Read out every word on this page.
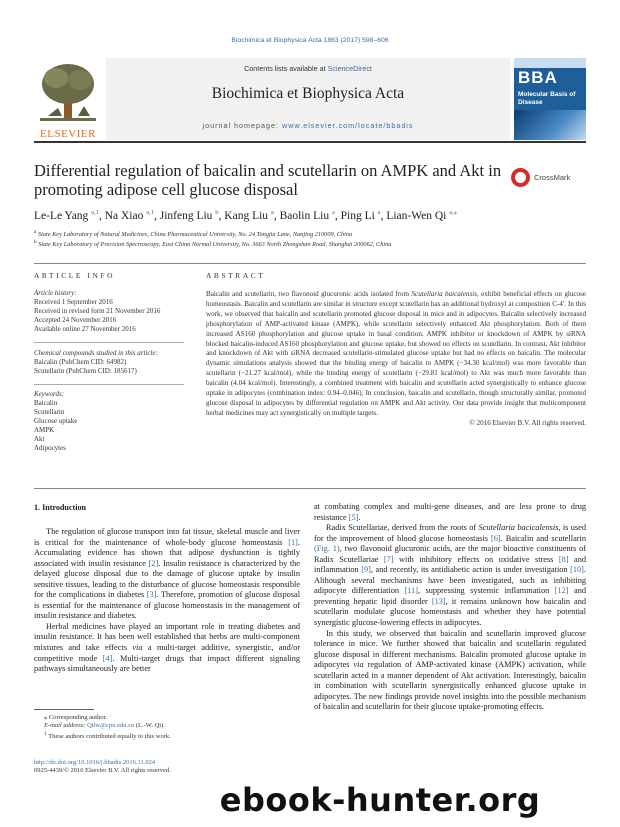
Biochimica et Biophysica Acta 1863 (2017) 598–606
ELSEVIER
Contents lists available at ScienceDirect
Biochimica et Biophysica Acta
journal homepage: www.elsevier.com/locate/bbadis
BBA
Molecular Basis of Disease
Differential regulation of baicalin and scutellarin on AMPK and Akt in promoting adipose cell glucose disposal
CrossMark
Le-Le Yang $^{a,1}$, Na Xiao $^{a,1}$, Jinfeng Liu $^b$, Kang Liu $^a$, Baolin Liu $^a$, Ping Li $^a$, Lian-Wen Qi $^{a,⁎}$
$^a$ State Key Laboratory of Natural Medicines, China Pharmaceutical University, No. 24 Tongjia Lane, Nanjing 210009, China
$^b$ State Key Laboratory of Precision Spectroscopy, East China Normal University, No. 3663 North Zhongshan Road, Shanghai 200062, China
ARTICLE INFO	ABSTRACT
Article history:
Received 1 September 2016
Received in revised form 21 November 2016
Accepted 24 November 2016
Available online 27 November 2016
Chemical compounds studied in this article:
Baicalin (PubChem CID: 64982)
Scutellarin (PubChem CID: 185617)
Keywords:
Baicalin
Scutellarin
Glucose uptake
AMPK
Akt
Adipocytes
Baicalin and scutellarin, two flavonoid glucuronic acids isolated from Scutellaria baicalensis, exhibit beneficial effects on glucose homeostasis. Baicalin and scutellarin are similar in structure except scutellarin has an additional hydroxyl at composition C-4′. In this work, we observed that baicalin and scutellarin promoted glucose disposal in mice and in adipocytes. Baicalin selectively increased phosphorylation of AMP-activated kinase (AMPK), while scutellarin selectively enhanced Akt phosphorylation. Both of them increased AS160 phosphorylation and glucose uptake in basal condition. AMPK inhibitor or knockdown of AMPK by siRNA blocked baicalin-induced AS160 phosphorylation and glucose uptake, but showed no effects on scutellarin. In contrast, Akt inhibitor and knockdown of Akt with siRNA decreased scutellarin-stimulated glucose uptake but had no effects on baicalin. The molecular dynamic simulations analysis showed that the binding energy of baicalin to AMPK (−34.30 kcal/mol) was more favorable than scutellarin (−21.27 kcal/mol), while the binding energy of scutellarin (−29.81 kcal/mol) to Akt was much more favorable than baicalin (4.04 kcal/mol). Interestingly, a combined treatment with baicalin and scutellarin acted synergistically to enhance glucose uptake in adipocytes (combination index: 0.94–0.046). In conclusion, baicalin and scutellarin, though structurally similar, promoted glucose disposal in adipocytes by differential regulation on AMPK and Akt activity. Our data provide insight that multicomponent herbal medicines may act synergistically on multiple targets.
© 2016 Elsevier B.V. All rights reserved.
1. Introduction

The regulation of glucose transport into fat tissue, skeletal muscle and liver is critical for the maintenance of whole-body glucose homeostasis [1]. Accumulating evidence has shown that adipose dysfunction is tightly associated with insulin resistance [2]. Insulin resistance is characterized by the delayed glucose disposal due to the damage of glucose uptake by insulin sensitive tissues, leading to the disturbance of glucose homeostasis responsible for the complications in diabetes [3]. Therefore, promotion of glucose disposal is essential for the maintenance of glucose homeostasis in the management of insulin resistance and diabetes.

Herbal medicines have played an important role in treating diabetes and insulin resistance. It has been well established that herbs are multi-component mixtures and take effects via a multi-target additive, synergistic, and/or competitive mode [4]. Multi-target drugs that impact different signaling pathways simultaneously are better

at combating complex and multi-gene diseases, and are less prone to drug resistance [5].

Radix Scutellariae, derived from the roots of Scutellaria bacicalensis, is used for the improvement of blood glucose homeostasis [6]. Baicalin and scutellarin (Fig. 1), two flavonoid glucuronic acids, are the major bioactive constituents of Radix Scutellariae [7] with inhibitory effects on oxidative stress [8] and inflammation [9], and recently, its antidiabetic action is under investigation [10]. Although several mechanisms have been investigated, such as inhibiting adipocyte differentiation [11], suppressing systemic inflammation [12] and preventing hepatic lipid disorder [13], it remains unknown how baicalin and scutellarin modulate glucose homeostasis and whether they have potential synergistic glucose-lowering effects in adipocytes.

In this study, we observed that baicalin and scutellarin improved glucose tolerance in mice. We further showed that baicalin and scutellarin regulated glucose disposal in different mechanisms. Baicalin promoted glucose uptake in adipocytes via regulation of AMP-activated kinase (AMPK) activation, while scutellarin acted in a manner dependent of Akt activation. Interestingly, baicalin in combination with scutellarin synergistically enhanced glucose uptake in adipocytes. The new findings provide novel insights into the possible mechanism of baicalin and scutellarin for their glucose uptake-promoting effects.

⁎ Corresponding author.
E-mail address: Qilw@cpu.edu.cn (L.-W. Qi).
$^1$ These authors contributed equally to this work.
http://dx.doi.org/10.1016/j.bbadis.2016.11.024
0925-4439/© 2016 Elsevier B.V. All rights reserved.
ebook-hunter.org
